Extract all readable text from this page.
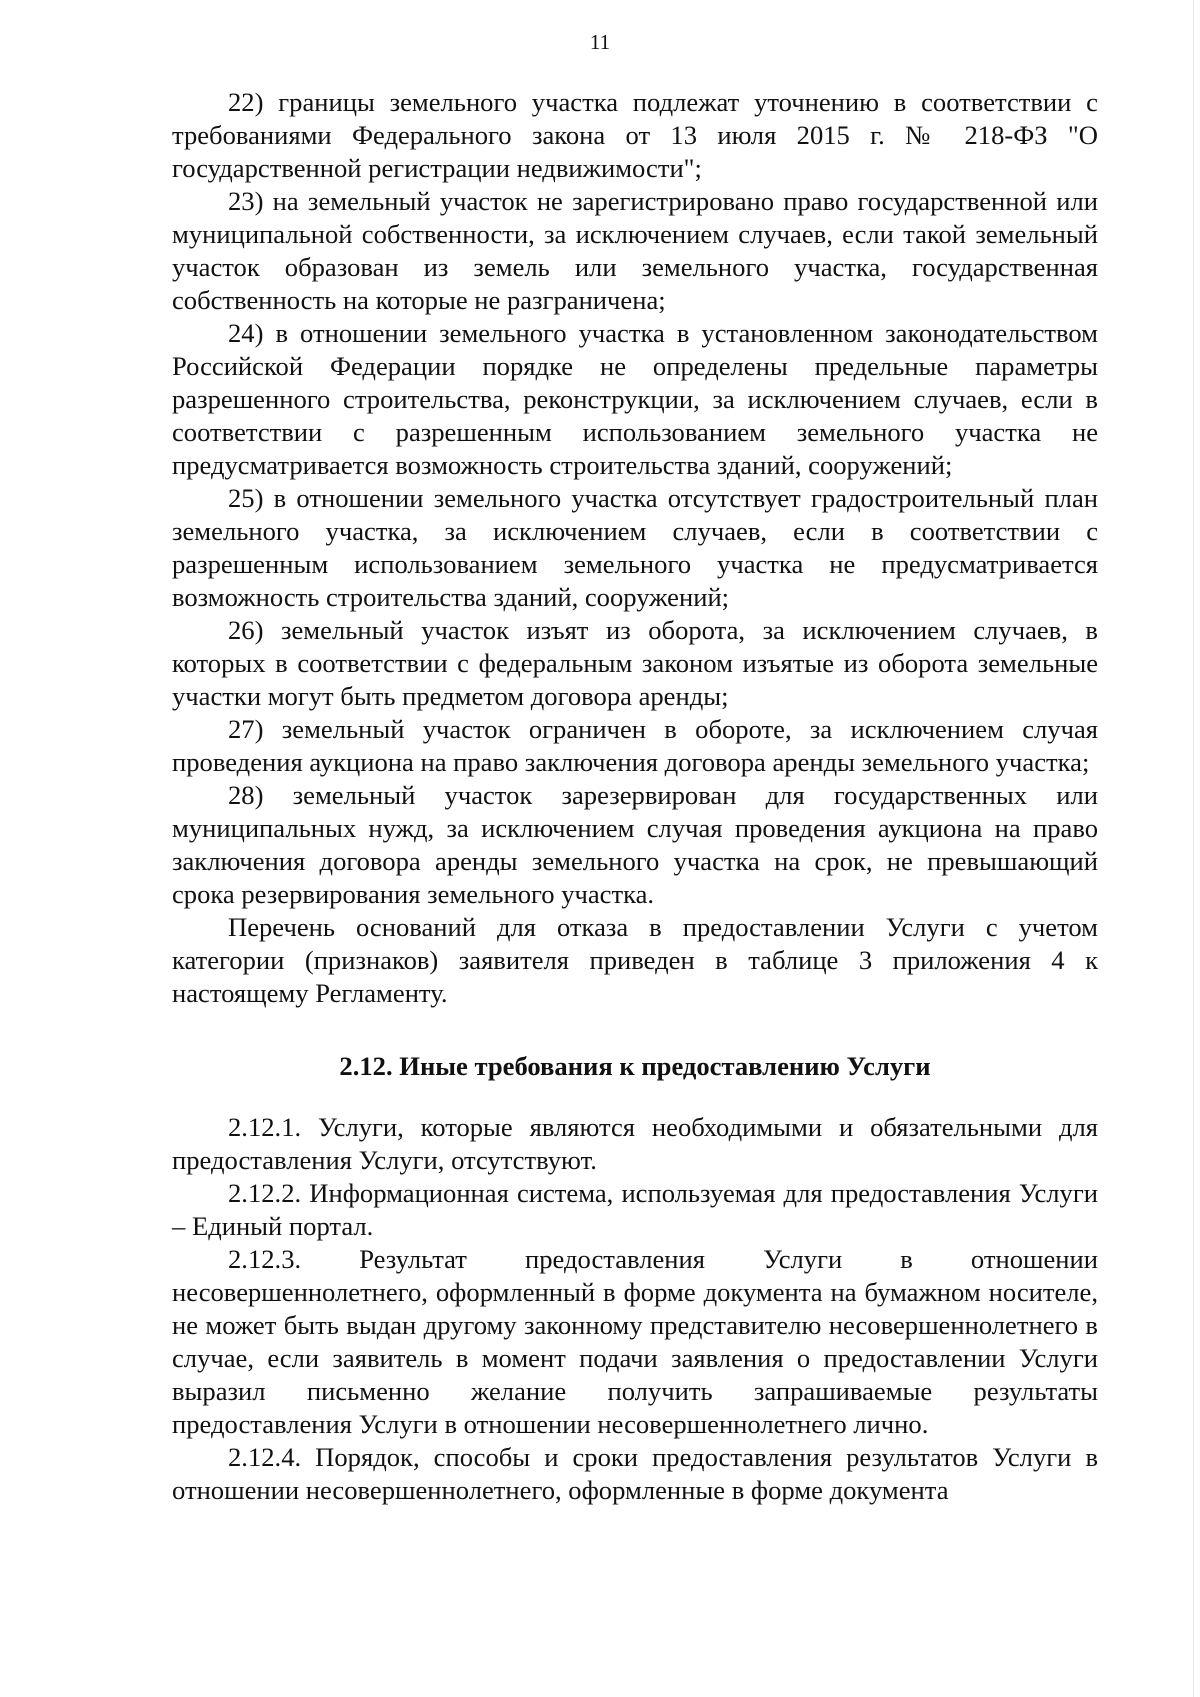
11

22) границы земельного участка подлежат уточнению в соответствии с требованиями Федерального закона от 13 июля 2015 г. № 218-ФЗ "О государственной регистрации недвижимости";

23) на земельный участок не зарегистрировано право государственной или муниципальной собственности, за исключением случаев, если такой земельный участок образован из земель или земельного участка, государственная собственность на которые не разграничена;

24) в отношении земельного участка в установленном законодательством Российской Федерации порядке не определены предельные параметры разрешенного строительства, реконструкции, за исключением случаев, если в соответствии с разрешенным использованием земельного участка не предусматривается возможность строительства зданий, сооружений;

25) в отношении земельного участка отсутствует градостроительный план земельного участка, за исключением случаев, если в соответствии с разрешенным использованием земельного участка не предусматривается возможность строительства зданий, сооружений;

26) земельный участок изъят из оборота, за исключением случаев, в которых в соответствии с федеральным законом изъятые из оборота земельные участки могут быть предметом договора аренды;

27) земельный участок ограничен в обороте, за исключением случая проведения аукциона на право заключения договора аренды земельного участка;

28) земельный участок зарезервирован для государственных или муниципальных нужд, за исключением случая проведения аукциона на право заключения договора аренды земельного участка на срок, не превышающий срока резервирования земельного участка.

Перечень оснований для отказа в предоставлении Услуги с учетом категории (признаков) заявителя приведен в таблице 3 приложения 4 к настоящему Регламенту.

2.12. Иные требования к предоставлению Услуги

2.12.1. Услуги, которые являются необходимыми и обязательными для предоставления Услуги, отсутствуют.

2.12.2. Информационная система, используемая для предоставления Услуги – Единый портал.

2.12.3. Результат предоставления Услуги в отношении несовершеннолетнего, оформленный в форме документа на бумажном носителе, не может быть выдан другому законному представителю несовершеннолетнего в случае, если заявитель в момент подачи заявления о предоставлении Услуги выразил письменно желание получить запрашиваемые результаты предоставления Услуги в отношении несовершеннолетнего лично.

2.12.4. Порядок, способы и сроки предоставления результатов Услуги в отношении несовершеннолетнего, оформленные в форме документа
